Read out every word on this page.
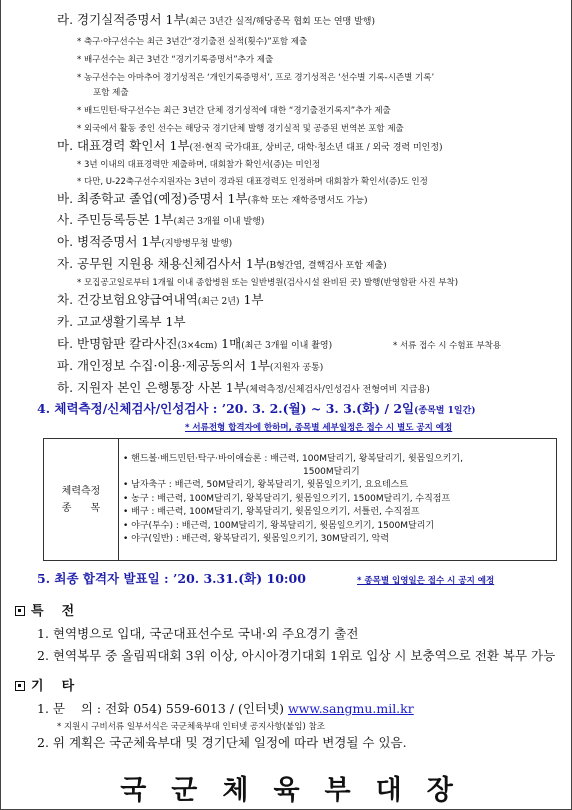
라. 경기실적증명서 1부(최근 3년간 실적/해당종목 협회 또는 연맹 발행)
* 축구·야구선수는 최근 3년간“경기출전 실적(횟수)”포함 제출
* 배구선수는 최근 3년간 “경기기록증명서”추가 제출
* 농구선수는 아마추어 경기성적은 ‘개인기록증명서’, 프로 경기성적은 ‘선수별 기록-시즌별 기록’
포함 제출
* 배드민턴·탁구선수는 최근 3년간 단체 경기성적에 대한 “경기출전기록지”추가 제출
* 외국에서 활동 중인 선수는 해당국 경기단체 발행 경기실적 및 공증된 번역본 포함 제출
마. 대표경력 확인서 1부(전·현직 국가대표, 상비군, 대학·청소년 대표 / 외국 경력 미인정)
* 3년 이내의 대표경력만 제출하며, 대회참가 확인서(증)는 미인정
* 다만, U-22축구선수지원자는 3년이 경과된 대표경력도 인정하며 대회참가 확인서(증)도 인정
바. 최종학교 졸업(예정)증명서 1부(휴학 또는 재학증명서도 가능)
사. 주민등록등본 1부(최근 3개월 이내 발행)
아. 병적증명서 1부(지방병무청 발행)
자. 공무원 지원용 채용신체검사서 1부(B형간염, 결핵검사 포함 제출)
* 모집공고일로부터 1개월 이내 종합병원 또는 일반병원(검사시설 완비된 곳) 발행(반영함판 사진 부착)
차. 건강보험요양급여내역(최근 2년) 1부
카. 고교생활기록부 1부
타. 반명함판 칼라사진(3×4cm) 1매(최근 3개월 이내 촬영)	* 서류 접수 시 수험표 부착용
파. 개인정보 수집·이용·제공동의서 1부(지원자 공통)
하. 지원자 본인 은행통장 사본 1부(체력측정/신체검사/인성검사 전형여비 지급용)
4. 체력측정/신체검사/인성검사 : ’20. 3. 2.(월) ~ 3. 3.(화) / 2일(종목별 1일간)
* 서류전형 합격자에 한하며, 종목별 세부일정은 접수 시 별도 공지 예정
체력측정
종      목

• 핸드볼·배드민턴·탁구·바이애슬론 : 배근력, 100M달리기, 왕복달리기, 윗몸일으키기,
1500M달리기
• 남자축구 : 배근력, 50M달리기, 왕복달리기, 윗몸일으키기, 요요테스트
• 농구 : 배근력, 100M달리기, 왕복달리기, 윗몸일으키기, 1500M달리기, 수직점프
• 배구 : 배근력, 100M달리기, 왕복달리기, 윗몸일으키기, 서틀런, 수직점프
• 야구(투수) : 배근력, 100M달리기, 왕복달리기, 윗몸일으키기, 1500M달리기
• 야구(일반) : 배근력, 왕복달리기, 윗몸일으키기, 30M달리기, 악력
5. 최종 합격자 발표일 : ’20. 3.31.(화) 10:00	* 종목별 입영일은 접수 시 공지 예정
특    전
1. 현역병으로 입대, 국군대표선수로 국내·외 주요경기 출전
2. 현역복무 중 올림픽대회 3위 이상, 아시아경기대회 1위로 입상 시 보충역으로 전환 복무 가능
기    타
1. 문    의 : 전화 054) 559-6013 / (인터넷) www.sangmu.mil.kr
* 지원시 구비서류 일부서식은 국군체육부대 인터넷 공지사항(붙임) 참조
2. 위 계획은 국군체육부대 및 경기단체 일정에 따라 변경될 수 있음.
국군체육부대장
